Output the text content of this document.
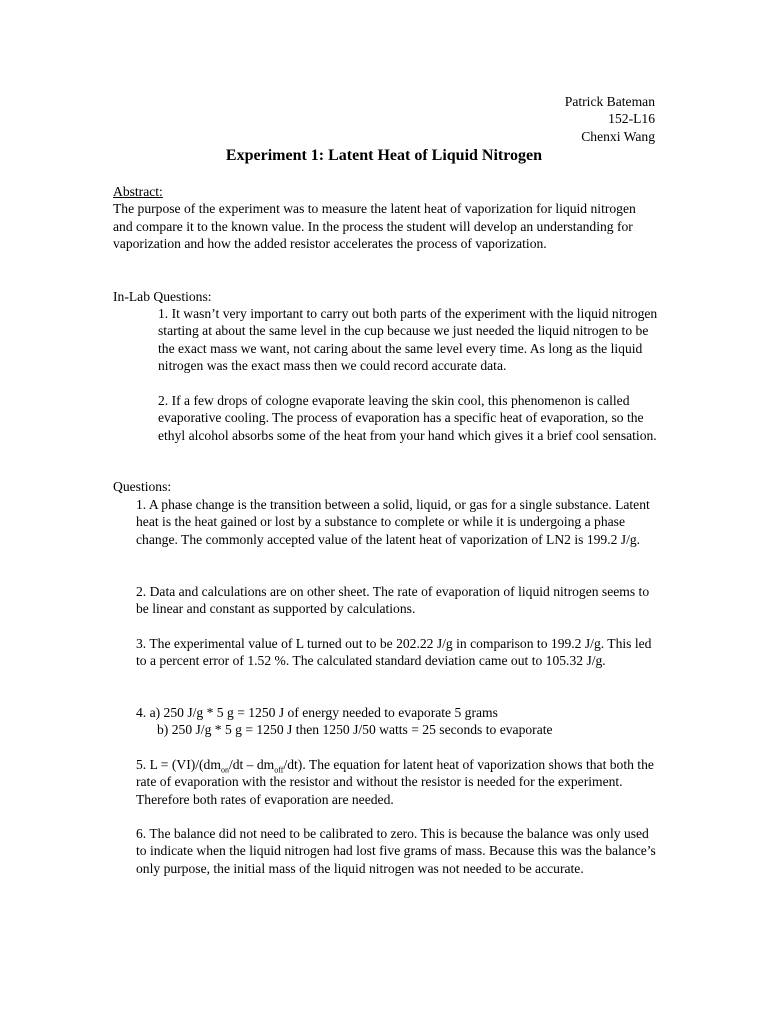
Patrick Bateman
152-L16
Chenxi Wang
Experiment 1: Latent Heat of Liquid Nitrogen
Abstract:

The purpose of the experiment was to measure the latent heat of vaporization for liquid nitrogen and compare it to the known value. In the process the student will develop an understanding for vaporization and how the added resistor accelerates the process of vaporization.

In-Lab Questions:
1. It wasn’t very important to carry out both parts of the experiment with the liquid nitrogen starting at about the same level in the cup because we just needed the liquid nitrogen to be the exact mass we want, not caring about the same level every time. As long as the liquid nitrogen was the exact mass then we could record accurate data.
2. If a few drops of cologne evaporate leaving the skin cool, this phenomenon is called evaporative cooling. The process of evaporation has a specific heat of evaporation, so the ethyl alcohol absorbs some of the heat from your hand which gives it a brief cool sensation.
Questions:
1. A phase change is the transition between a solid, liquid, or gas for a single substance. Latent heat is the heat gained or lost by a substance to complete or while it is undergoing a phase change. The commonly accepted value of the latent heat of vaporization of LN2 is 199.2 J/g.
2. Data and calculations are on other sheet. The rate of evaporation of liquid nitrogen seems to be linear and constant as supported by calculations.
3. The experimental value of L turned out to be 202.22 J/g in comparison to 199.2 J/g. This led to a percent error of 1.52 %. The calculated standard deviation came out to 105.32 J/g.
4. a) 250 J/g * 5 g = 1250 J of energy needed to evaporate 5 grams
b) 250 J/g * 5 g = 1250 J then 1250 J/50 watts = 25 seconds to evaporate
5. $L = (VI)/(dm_{on}/dt - dm_{off}/dt)$. The equation for latent heat of vaporization shows that both the rate of evaporation with the resistor and without the resistor is needed for the experiment. Therefore both rates of evaporation are needed.
6. The balance did not need to be calibrated to zero. This is because the balance was only used to indicate when the liquid nitrogen had lost five grams of mass. Because this was the balance’s only purpose, the initial mass of the liquid nitrogen was not needed to be accurate.
